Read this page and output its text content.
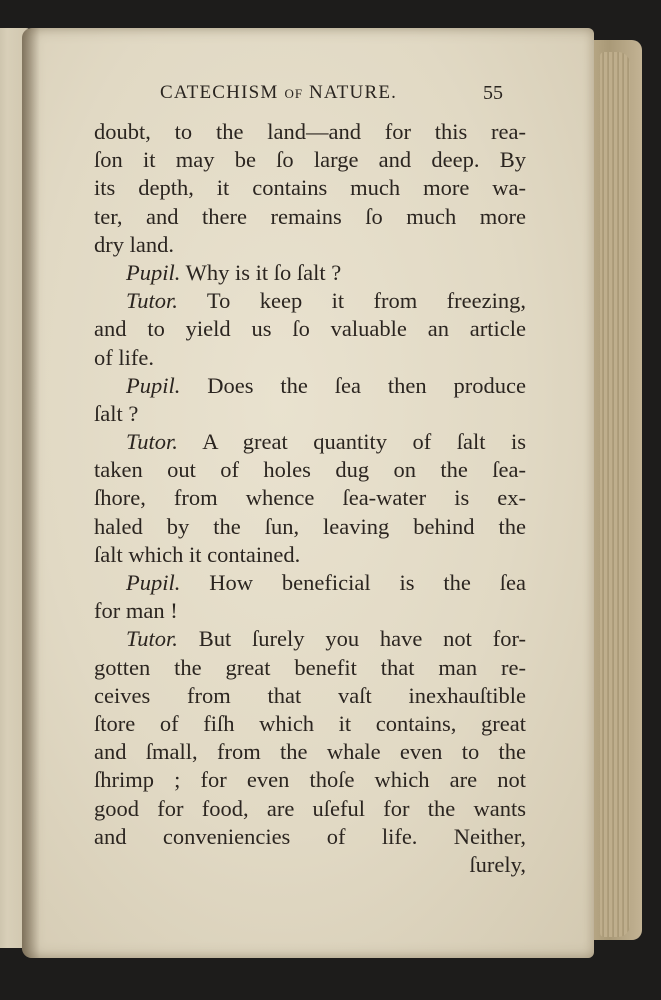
CATECHISM OF NATURE.	55
doubt, to the land—and for this rea-
ſon it may be ſo large and deep. By
its depth, it contains much more wa-
ter, and there remains ſo much more
dry land.
Pupil. Why is it ſo ſalt ?
Tutor. To keep it from freezing,
and to yield us ſo valuable an article
of life.
Pupil. Does the ſea then produce
ſalt ?
Tutor. A great quantity of ſalt is
taken out of holes dug on the ſea-
ſhore, from whence ſea-water is ex-
haled by the ſun, leaving behind the
ſalt which it contained.
Pupil. How beneficial is the ſea
for man !
Tutor. But ſurely you have not for-
gotten the great benefit that man re-
ceives from that vaſt inexhauſtible
ſtore of fiſh which it contains, great
and ſmall, from the whale even to the
ſhrimp ; for even thoſe which are not
good for food, are uſeful for the wants
and conveniencies of life. Neither,
ſurely,
